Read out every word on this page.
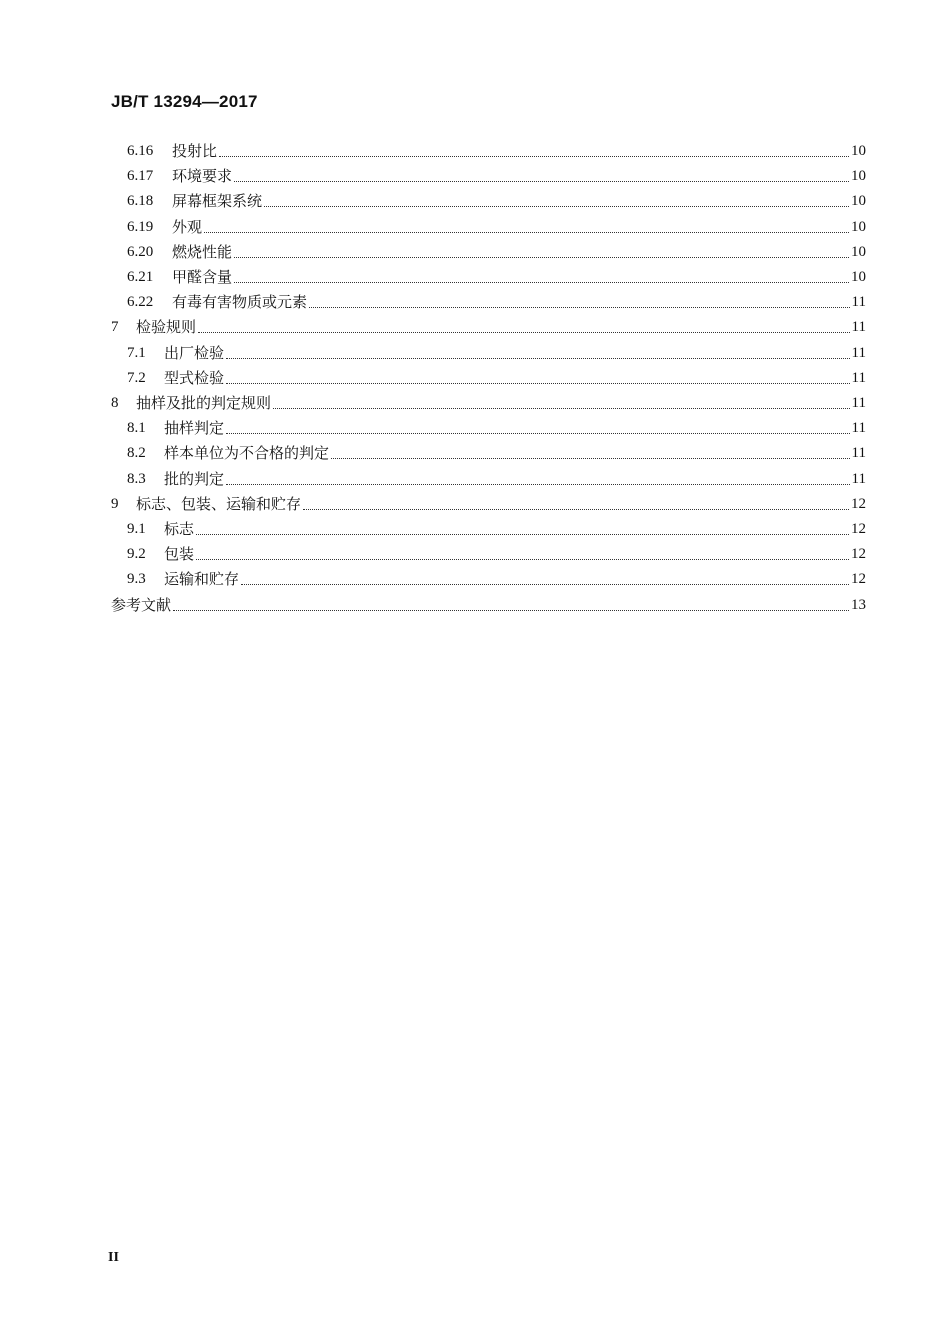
JB/T 13294—2017
6.16	投射比	10
6.17	环境要求	10
6.18	屏幕框架系统	10
6.19	外观	10
6.20	燃烧性能	10
6.21	甲醛含量	10
6.22	有毒有害物质或元素	11
7	检验规则	11
7.1	出厂检验	11
7.2	型式检验	11
8	抽样及批的判定规则	11
8.1	抽样判定	11
8.2	样本单位为不合格的判定	11
8.3	批的判定	11
9	标志、包装、运输和贮存	12
9.1	标志	12
9.2	包装	12
9.3	运输和贮存	12
参考文献	13
II
